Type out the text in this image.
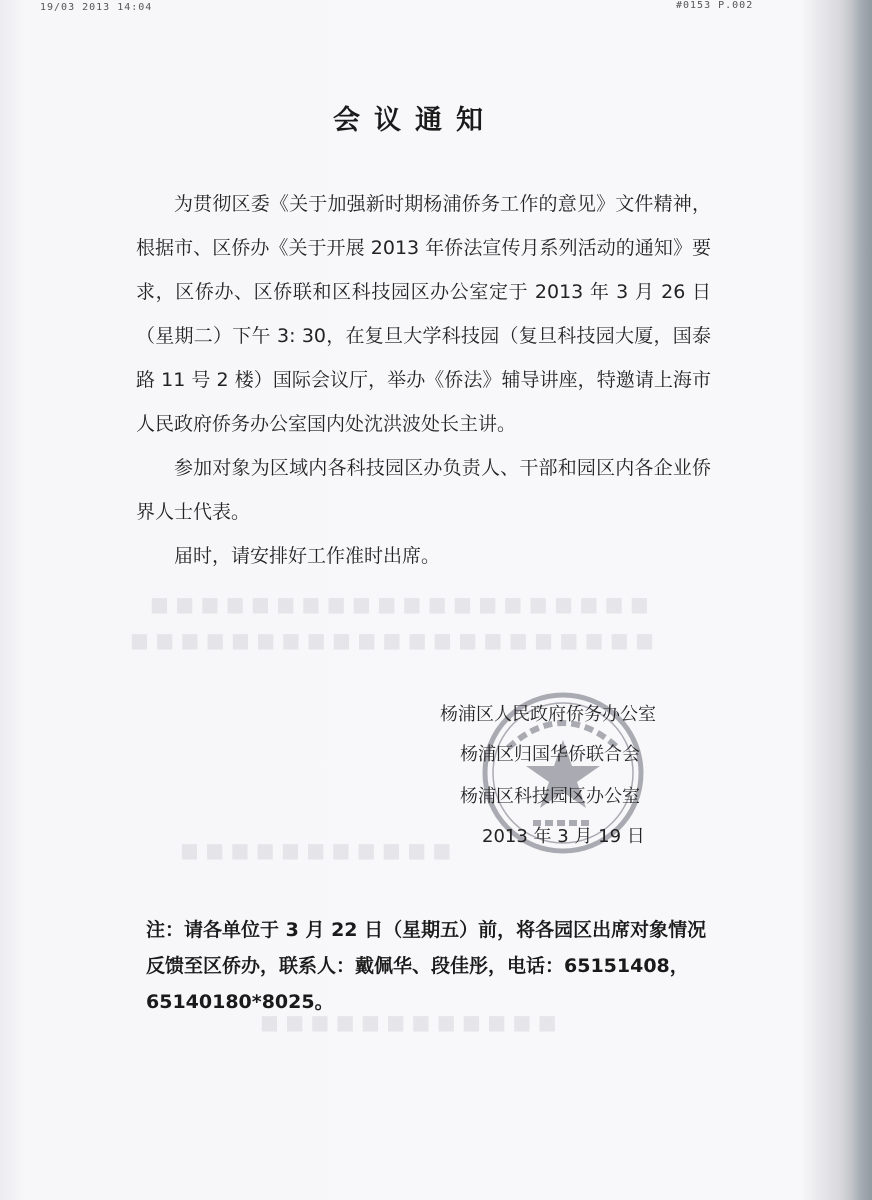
19/03 2013 14:04	#0153 P.002
会议通知

为贯彻区委《关于加强新时期杨浦侨务工作的意见》文件精神，根据市、区侨办《关于开展 2013 年侨法宣传月系列活动的通知》要求，区侨办、区侨联和区科技园区办公室定于 2013 年 3 月 26 日（星期二）下午 3: 30，在复旦大学科技园（复旦科技园大厦，国泰路 11 号 2 楼）国际会议厅，举办《侨法》辅导讲座，特邀请上海市人民政府侨务办公室国内处沈洪波处长主讲。

参加对象为区域内各科技园区办负责人、干部和园区内各企业侨界人士代表。

届时，请安排好工作准时出席。

■ ■ ■ ■ ■ ■ ■ ■ ■ ■ ■ ■ ■ ■ ■ ■ ■ ■ ■ ■
■ ■ ■ ■ ■ ■ ■ ■ ■ ■ ■ ■ ■ ■ ■ ■ ■ ■ ■ ■ ■
杨浦区人民政府侨务办公室
杨浦区归国华侨联合会
杨浦区科技园区办公室
2013 年 3 月 19 日
■ ■ ■ ■ ■ ■ ■ ■ ■ ■ ■

注：请各单位于 3 月 22 日（星期五）前，将各园区出席对象情况反馈至区侨办，联系人：戴佩华、段佳彤，电话：65151408，65140180*8025。

■ ■ ■ ■ ■ ■ ■ ■ ■ ■ ■ ■
